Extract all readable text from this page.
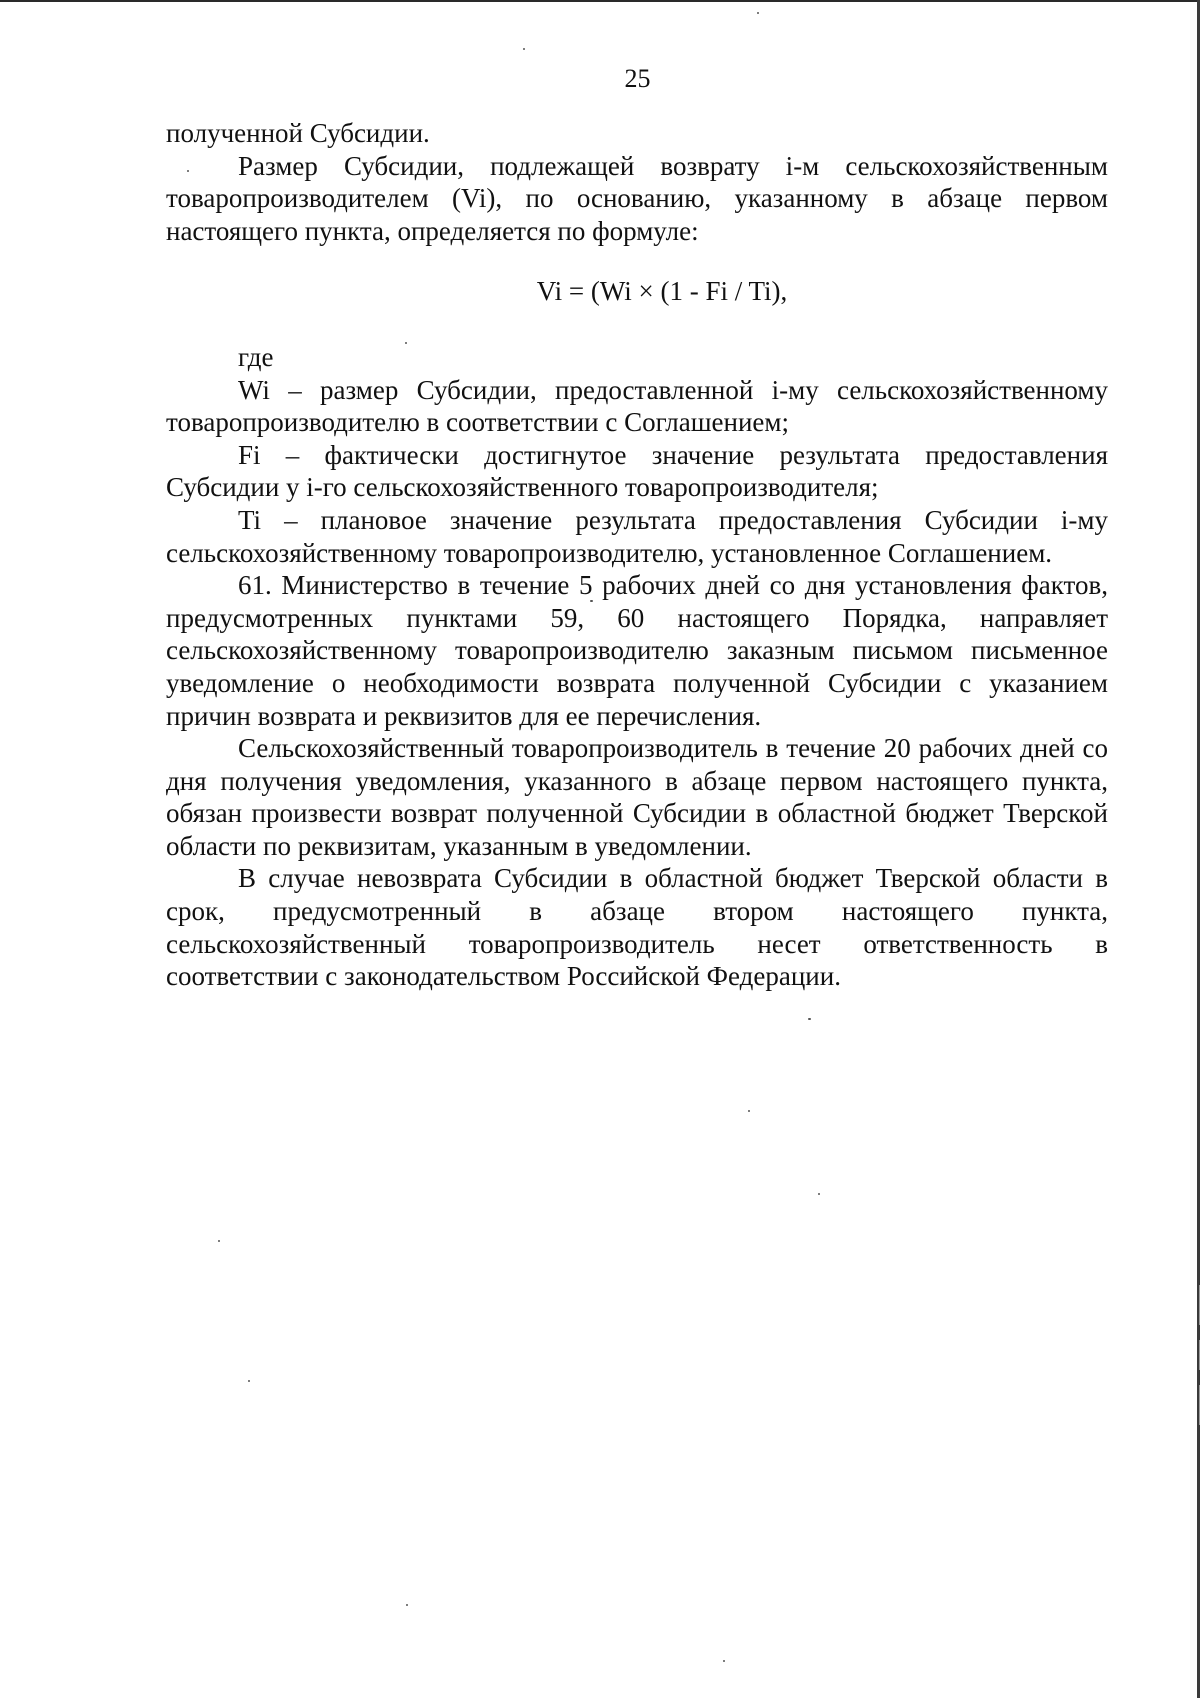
25

полученной Субсидии.

Размер Субсидии, подлежащей возврату i-м сельскохозяйственным товаропроизводителем (Vi), по основанию, указанному в абзаце первом настоящего пункта, определяется по формуле:

Vi = (Wi × (1 - Fi / Ti),

где

Wi – размер Субсидии, предоставленной i-му сельскохозяйственному товаропроизводителю в соответствии с Соглашением;

Fi – фактически достигнутое значение результата предоставления Субсидии у i-го сельскохозяйственного товаропроизводителя;

Ti – плановое значение результата предоставления Субсидии i-му сельскохозяйственному товаропроизводителю, установленное Соглашением.

61. Министерство в течение 5 рабочих дней со дня установления фактов, предусмотренных пунктами 59, 60 настоящего Порядка, направляет сельскохозяйственному товаропроизводителю заказным письмом письменное уведомление о необходимости возврата полученной Субсидии с указанием причин возврата и реквизитов для ее перечисления.

Сельскохозяйственный товаропроизводитель в течение 20 рабочих дней со дня получения уведомления, указанного в абзаце первом настоящего пункта, обязан произвести возврат полученной Субсидии в областной бюджет Тверской области по реквизитам, указанным в уведомлении.

В случае невозврата Субсидии в областной бюджет Тверской области в срок, предусмотренный в абзаце втором настоящего пункта, сельскохозяйственный товаропроизводитель несет ответственность в соответствии с законодательством Российской Федерации.
